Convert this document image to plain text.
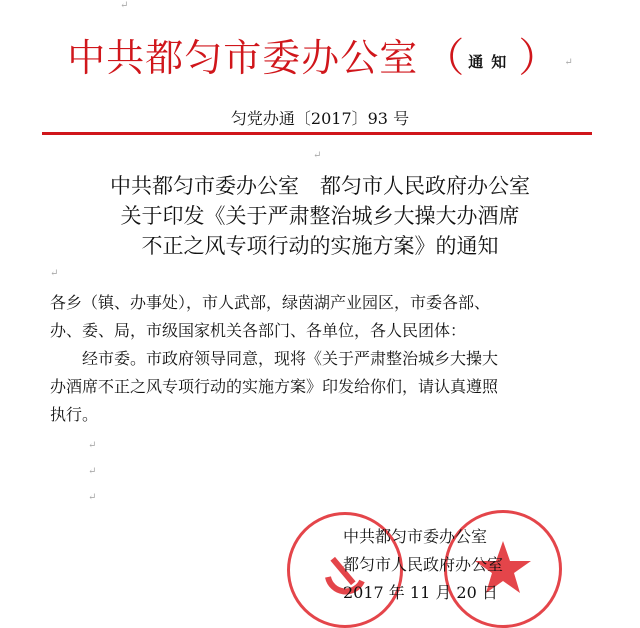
↵
中共都匀市委办公室 （ 通知 ） ↵
匀党办通〔2017〕93 号
↵
中共都匀市委办公室　都匀市人民政府办公室
关于印发《关于严肃整治城乡大操大办酒席
不正之风专项行动的实施方案》的通知
↵
各乡（镇、办事处），市人武部，绿茵湖产业园区，市委各部、
办、委、局，市级国家机关各部门、各单位，各人民团体：
　　经市委。市政府领导同意，现将《关于严肃整治城乡大操大
办酒席不正之风专项行动的实施方案》印发给你们，请认真遵照
执行。
↵
↵
↵
中共都匀市委办公室
都匀市人民政府办公室
2017 年 11 月 20 日
